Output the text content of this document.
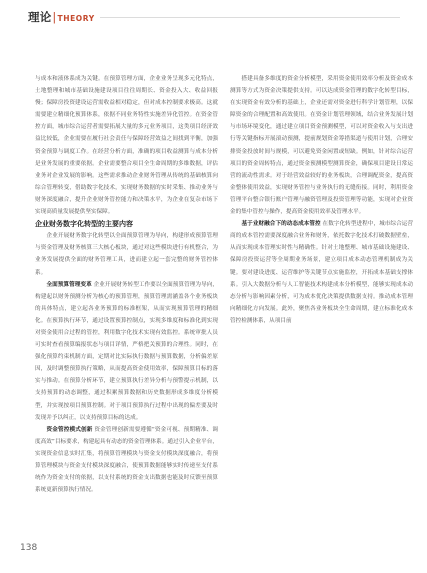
理论|THEORY

与成本和液体系成为关键。在预算管理方面，企业业务呈现多元化特点，土地整理和城市基础设施建设项目往往周期长、资金投入大、收益回报慢；保障房投资建设运营需收益相对稳定，但对成本控制要求极高。这就需要建立精细化预算体系，依据不同业务特性实施差异化管控。在资金管控方面，城市综合运营者需要拓展大量的多元业务项目，这类项目经济效益比较低，企业需要在履行社会责任与保障经营效益之间找到平衡，加强资金预算与调度工作。在经营分析方面，准确的项目收益测算与成本分析是业务发展的重要依据。企业需要整合项目全生命周期的多维数据，评估业务对企业发展的影响。这些需求推动企业财务管理从传统的基础核算向综合管理转变，借助数字化技术，实现财务数据的实时采集、推动业务与财务深度融合，提升企业财务管控能力和决策水平，为企业在复杂市场下实现高质量发展提供坚实保障。

企业财务数字化转型的主要内容

企业开展财务数字化转型以全面预算管理为导向，构建形成预算管理与资金管理及财务核算三大核心板块，通过对这些模块进行有机整合，为业务发展提供全面的财务管理工具，进而建立起一套完整的财务管控体系。

全面预算管理变革 企业开展财务转型工作要以全面预算管理为导向，构建起以财务预测分析为核心的预算管理，预算管理需涵盖各个业务板块的具体特点，建立起各业务预算的标准框架，从而实现预算管理的精细化。在预算执行环节，通过设置预算控制点，实现多维度和标准化到实现对资金使用合过程的管控，利用数字化技术实现有效监控。系统审批人员可实时查看预算编报状态与项目详情，严格把关预算的合理性。同时，在强化预算约束机制方面，定期对比实际执行数据与预算数据，分析偏差原因，及时调整预算执行策略，从而提高资金使用效率，保障预算目标的落实与推动。在预算分析环节，建立预算执行差异分析与预警提示机制，以支持预算的动态调整，通过积累预算数据和历史数据形成多维度分析模型，并实现按项目预算控制。对于项目预算执行过程中出现的偏差要及时发现并予以纠正，以支持预算目标的达成。

资金管控模式创新 资金管理创新需要遵循“资金可视、预期精准、调度高效”目标要求，构建起具有动态的资金管理体系。通过引入企业平台，实现资金信息实时汇集，将预算管理模块与资金支付模块深度融合，将预算管理模块与资金支付模块深度融合，使预算数据能够实时传递至支付系统作为资金支付的依据，以支付系统的资金支出数据也能及时反馈至预算系统更新预算执行情况。

搭建具备多维度的资金分析模型，采用资金使用效率分析及资金成本测算等方式为资金决策提供支持。可以达成资金管理的数字化转型目标，在实现资金有效分析的基础上，企业还需对资金进行科学计划管理，以保障资金的合理配置和高效使用。在资金计划管理领域，结合业务发展计划与市场环境变化，通过建立项目资金预测模型，可以对资金收入与支出进行等关键指标开展滚动预测，提前规划资金筹措渠道与使用计划，合理安排资金投放时间与规模，可以避免资金闲置或短缺。例如，针对综合运营项目的资金周转特点，通过资金预测模型测算资金，确保项目建设日常运营的流动性需求。对于经营效益较好的业务板块，合理调配资金，提高资金整体使用效益，实现财务管控与业务执行的无缝衔接。同时，利用资金管理平台整合银行账户管理与融资管理及投资管理等功能，实现对企业资金的集中管控与操作，提高资金使用效率及管理水平。

基于业财融合下的动态成本管控 在数字化转型进程中，城市综合运营商的成本管控需要深度融合业务和财务，依托数字化技术打破数据壁垒，从而实现成本管理实时性与精确性。针对土地整理、城市基础设施建设、保障房投资运营等全周期业务场景，建立项目成本动态管理机制成为关键。要对建设进度、运营维护等关键节点实施监控，开拓成本基础支撑体系。引入大数据分析与人工智能技术构建成本分析模型，能够实现成本动态分析与影响因素分析，可为成本优化决策提供数据支持。推动成本管理向精细化方向发展。此外，聚焦各业务板块全生命周期，建立标准化成本管控检测体系，从项目前

138
